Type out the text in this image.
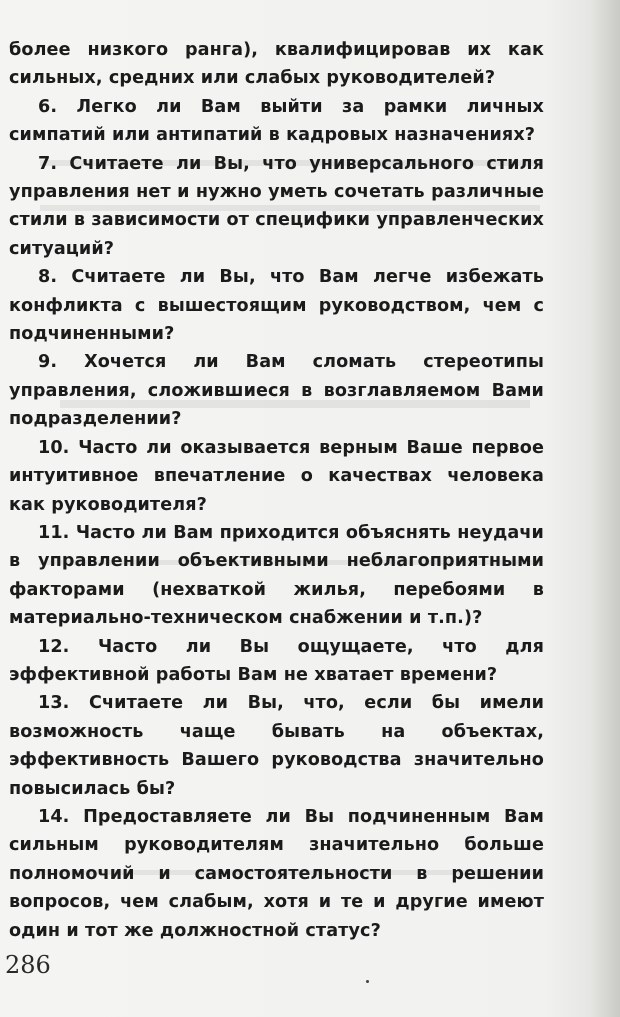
более низкого ранга), квалифицировав их как сильных, средних или слабых руководителей?

6. Легко ли Вам выйти за рамки личных симпатий или антипатий в кадровых назначениях?

7. Считаете ли Вы, что универсального стиля управления нет и нужно уметь сочетать различные стили в зависимости от специфики управленческих ситуаций?

8. Считаете ли Вы, что Вам легче избежать конфликта с вышестоящим руководством, чем с подчиненными?

9. Хочется ли Вам сломать стереотипы управления, сложившиеся в возглавляемом Вами подразделении?

10. Часто ли оказывается верным Ваше первое интуитивное впечатление о качествах человека как руководителя?

11. Часто ли Вам приходится объяснять неудачи в управлении объективными неблагоприятными факторами (нехваткой жилья, перебоями в материально-техническом снабжении и т.п.)?

12. Часто ли Вы ощущаете, что для эффективной работы Вам не хватает времени?

13. Считаете ли Вы, что, если бы имели возможность чаще бывать на объектах, эффективность Вашего руководства значительно повысилась бы?

14. Предоставляете ли Вы подчиненным Вам сильным руководителям значительно больше полномочий и самостоятельности в решении вопросов, чем слабым, хотя и те и другие имеют один и тот же должностной статус?

286
